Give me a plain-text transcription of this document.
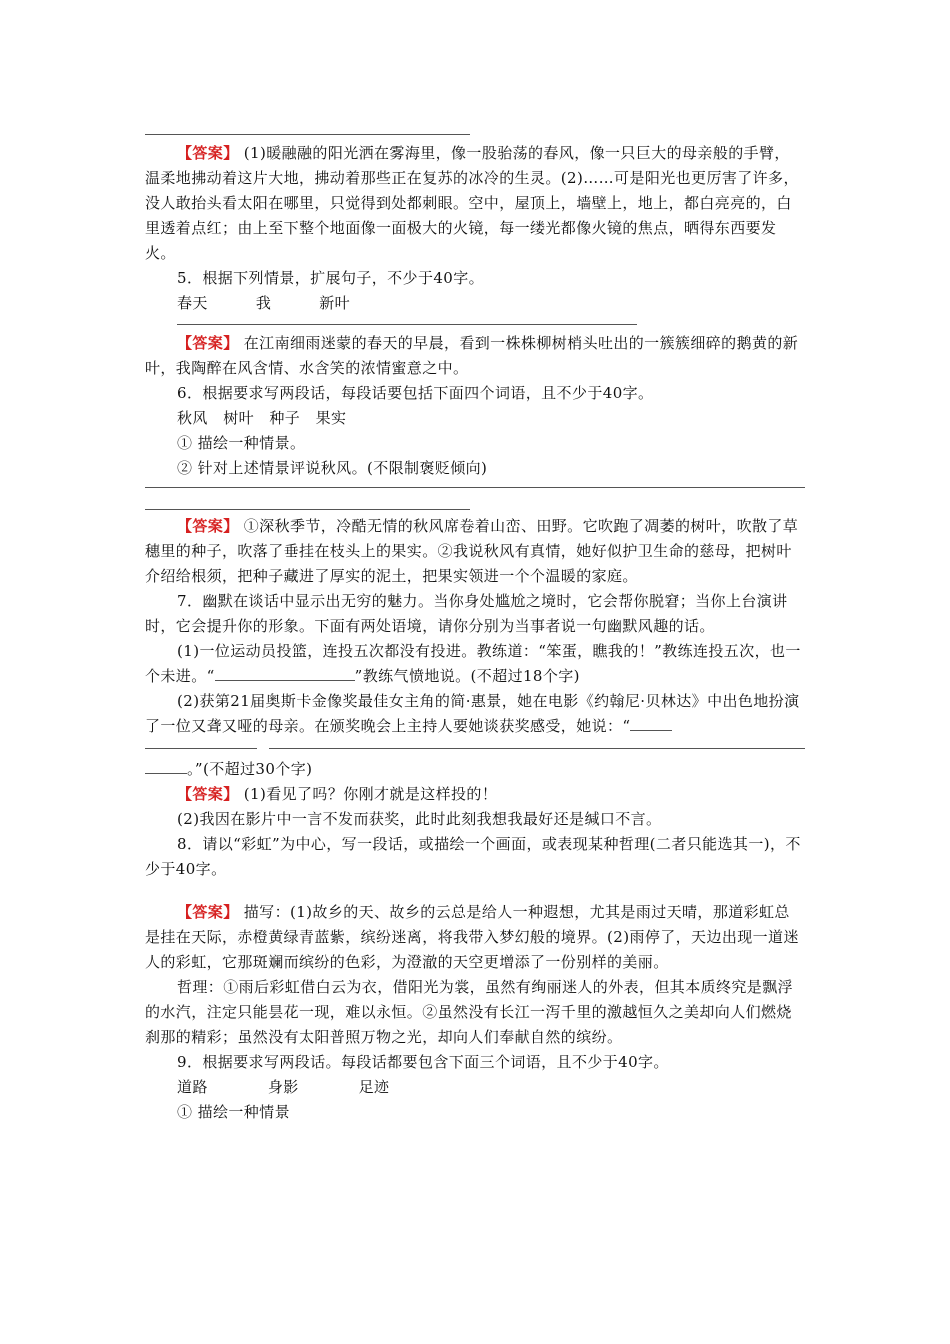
【答案】 (1)暖融融的阳光洒在雾海里，像一股骀荡的春风，像一只巨大的母亲般的手臂，温柔地拂动着这片大地，拂动着那些正在复苏的冰冷的生灵。(2)……可是阳光也更厉害了许多，没人敢抬头看太阳在哪里，只觉得到处都刺眼。空中，屋顶上，墙壁上，地上，都白亮亮的，白里透着点红；由上至下整个地面像一面极大的火镜，每一缕光都像火镜的焦点，晒得东西要发火。

5．根据下列情景，扩展句子，不少于40字。

春天	我	新叶

【答案】 在江南细雨迷蒙的春天的早晨，看到一株株柳树梢头吐出的一簇簇细碎的鹅黄的新叶，我陶醉在风含情、水含笑的浓情蜜意之中。

6．根据要求写两段话，每段话要包括下面四个词语，且不少于40字。

秋风　树叶　种子　果实

① 描绘一种情景。

② 针对上述情景评说秋风。(不限制褒贬倾向)

【答案】 ①深秋季节，冷酷无情的秋风席卷着山峦、田野。它吹跑了凋萎的树叶，吹散了草穗里的种子，吹落了垂挂在枝头上的果实。②我说秋风有真情，她好似护卫生命的慈母，把树叶介绍给根须，把种子藏进了厚实的泥土，把果实领进一个个温暖的家庭。

7．幽默在谈话中显示出无穷的魅力。当你身处尴尬之境时，它会帮你脱窘；当你上台演讲时，它会提升你的形象。下面有两处语境，请你分别为当事者说一句幽默风趣的话。

(1)一位运动员投篮，连投五次都没有投进。教练道：“笨蛋，瞧我的！”教练连投五次，也一个未进。“	”教练气愤地说。(不超过18个字)

(2)获第21届奥斯卡金像奖最佳女主角的简·惠景，她在电影《约翰尼·贝林达》中出色地扮演了一位又聋又哑的母亲。在颁奖晚会上主持人要她谈获奖感受，她说：“

。”(不超过30个字)

【答案】 (1)看见了吗？你刚才就是这样投的！

(2)我因在影片中一言不发而获奖，此时此刻我想我最好还是缄口不言。

8．请以“彩虹”为中心，写一段话，或描绘一个画面，或表现某种哲理(二者只能选其一)，不少于40字。

【答案】 描写：(1)故乡的天、故乡的云总是给人一种遐想，尤其是雨过天晴，那道彩虹总是挂在天际，赤橙黄绿青蓝紫，缤纷迷离，将我带入梦幻般的境界。(2)雨停了，天边出现一道迷人的彩虹，它那斑斓而缤纷的色彩，为澄澈的天空更增添了一份别样的美丽。

哲理：①雨后彩虹借白云为衣，借阳光为裳，虽然有绚丽迷人的外表，但其本质终究是飘浮的水汽，注定只能昙花一现，难以永恒。②虽然没有长江一泻千里的激越恒久之美却向人们燃烧刹那的精彩；虽然没有太阳普照万物之光，却向人们奉献自然的缤纷。

9．根据要求写两段话。每段话都要包含下面三个词语，且不少于40字。

道路	身影	足迹

① 描绘一种情景
